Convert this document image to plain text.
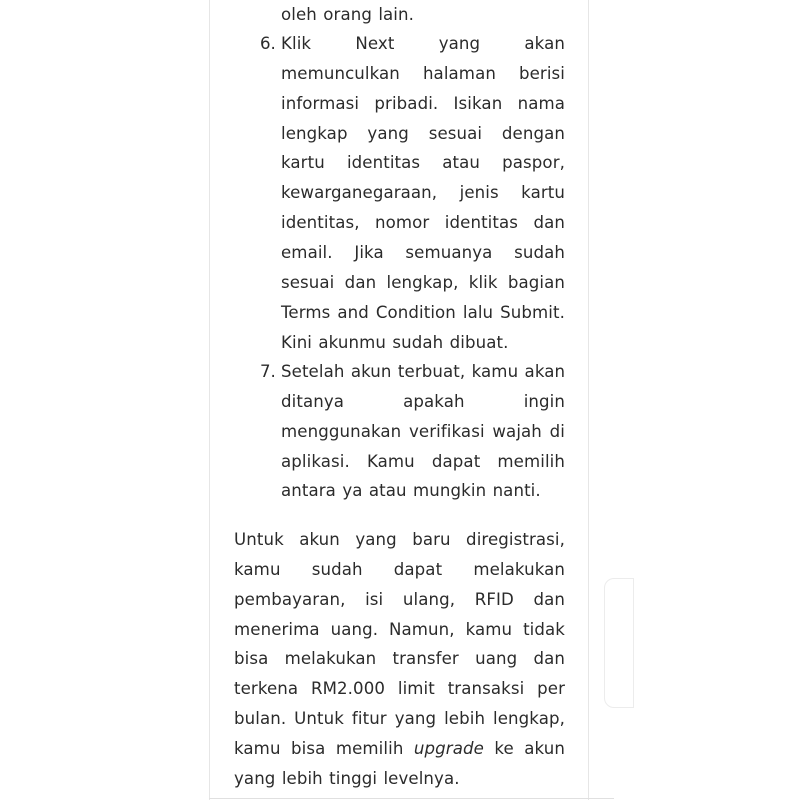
oleh orang lain.
6. Klik Next yang akan
memunculkan halaman berisi
informasi pribadi. Isikan nama
lengkap yang sesuai dengan
kartu identitas atau paspor,
kewarganegaraan, jenis kartu
identitas, nomor identitas dan
email. Jika semuanya sudah
sesuai dan lengkap, klik bagian
Terms and Condition lalu Submit.
Kini akunmu sudah dibuat.
7. Setelah akun terbuat, kamu akan
ditanya apakah ingin
menggunakan verifikasi wajah di
aplikasi. Kamu dapat memilih
antara ya atau mungkin nanti.
Untuk akun yang baru diregistrasi,
kamu sudah dapat melakukan
pembayaran, isi ulang, RFID dan
menerima uang. Namun, kamu tidak
bisa melakukan transfer uang dan
terkena RM2.000 limit transaksi per
bulan. Untuk fitur yang lebih lengkap,
kamu bisa memilih upgrade ke akun
yang lebih tinggi levelnya.
